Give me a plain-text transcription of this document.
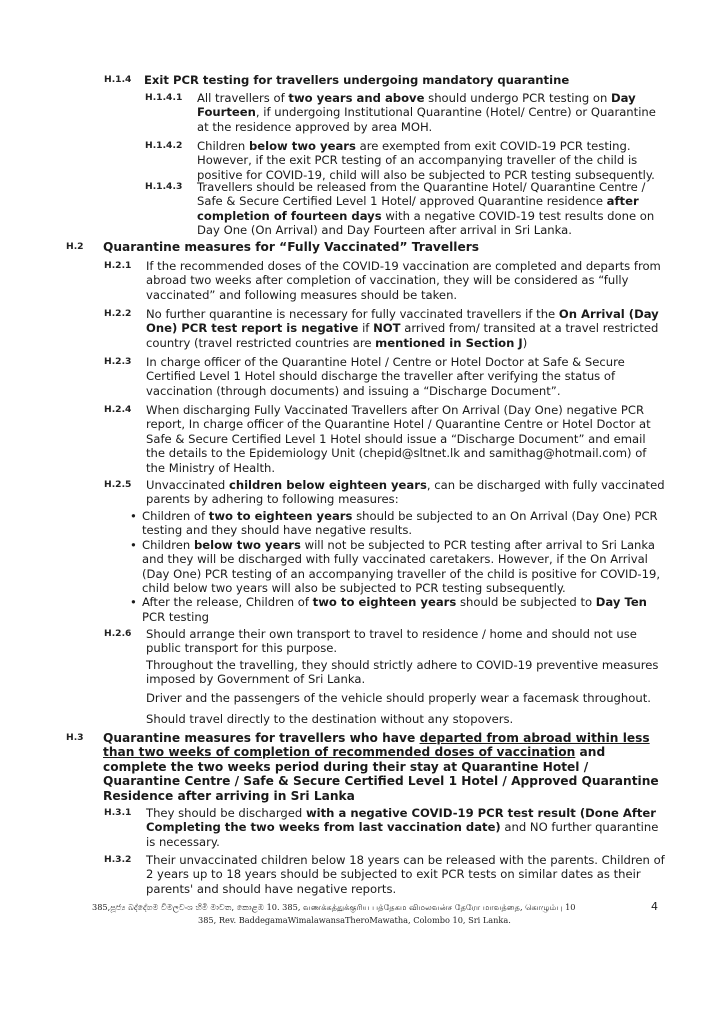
H.1.4	Exit PCR testing for travellers undergoing mandatory quarantine
H.1.4.1	All travellers of two years and above should undergo PCR testing on Day Fourteen, if undergoing Institutional Quarantine (Hotel/ Centre) or Quarantine at the residence approved by area MOH.
H.1.4.2	Children below two years are exempted from exit COVID-19 PCR testing. However, if the exit PCR testing of an accompanying traveller of the child is positive for COVID-19, child will also be subjected to PCR testing subsequently.
H.1.4.3	Travellers should be released from the Quarantine Hotel/ Quarantine Centre / Safe & Secure Certified Level 1 Hotel/ approved Quarantine residence after completion of fourteen days with a negative COVID-19 test results done on Day One (On Arrival) and Day Fourteen after arrival in Sri Lanka.
H.2	Quarantine measures for “Fully Vaccinated” Travellers
H.2.1	If the recommended doses of the COVID-19 vaccination are completed and departs from abroad two weeks after completion of vaccination, they will be considered as “fully vaccinated” and following measures should be taken.
H.2.2	No further quarantine is necessary for fully vaccinated travellers if the On Arrival (Day One) PCR test report is negative if NOT arrived from/ transited at a travel restricted country (travel restricted countries are mentioned in Section J)
H.2.3	In charge officer of the Quarantine Hotel / Centre or Hotel Doctor at Safe & Secure Certified Level 1 Hotel should discharge the traveller after verifying the status of vaccination (through documents) and issuing a “Discharge Document”.
H.2.4	When discharging Fully Vaccinated Travellers after On Arrival (Day One) negative PCR report, In charge officer of the Quarantine Hotel / Quarantine Centre or Hotel Doctor at Safe & Secure Certified Level 1 Hotel should issue a “Discharge Document” and email the details to the Epidemiology Unit (chepid@sltnet.lk and samithag@hotmail.com) of the Ministry of Health.
H.2.5	Unvaccinated children below eighteen years, can be discharged with fully vaccinated parents by adhering to following measures:
• Children of two to eighteen years should be subjected to an On Arrival (Day One) PCR testing and they should have negative results.
• Children below two years will not be subjected to PCR testing after arrival to Sri Lanka and they will be discharged with fully vaccinated caretakers. However, if the On Arrival (Day One) PCR testing of an accompanying traveller of the child is positive for COVID-19, child below two years will also be subjected to PCR testing subsequently.
• After the release, Children of two to eighteen years should be subjected to Day Ten PCR testing
H.2.6	Should arrange their own transport to travel to residence / home and should not use public transport for this purpose.
Throughout the travelling, they should strictly adhere to COVID-19 preventive measures imposed by Government of Sri Lanka.
Driver and the passengers of the vehicle should properly wear a facemask throughout.
Should travel directly to the destination without any stopovers.
H.3	Quarantine measures for travellers who have departed from abroad within less than two weeks of completion of recommended doses of vaccination and complete the two weeks period during their stay at Quarantine Hotel / Quarantine Centre / Safe & Secure Certified Level 1 Hotel / Approved Quarantine Residence after arriving in Sri Lanka
H.3.1	They should be discharged with a negative COVID-19 PCR test result (Done After Completing the two weeks from last vaccination date) and NO further quarantine is necessary.
H.3.2	Their unvaccinated children below 18 years can be released with the parents. Children of 2 years up to 18 years should be subjected to exit PCR tests on similar dates as their parents' and should have negative reports.
385,පූජ්‍ය බද්දේගම විමලවංශ හිමි මාවත, කොළඹ 10. 385, வணக்கத்துக்குரிய பத்தேகம விமலவன்ச தேரோ மாவத்தை, கொழும்பு 10
385, Rev. BaddegamaWimalawansaTheroMawatha, Colombo 10, Sri Lanka.
4
